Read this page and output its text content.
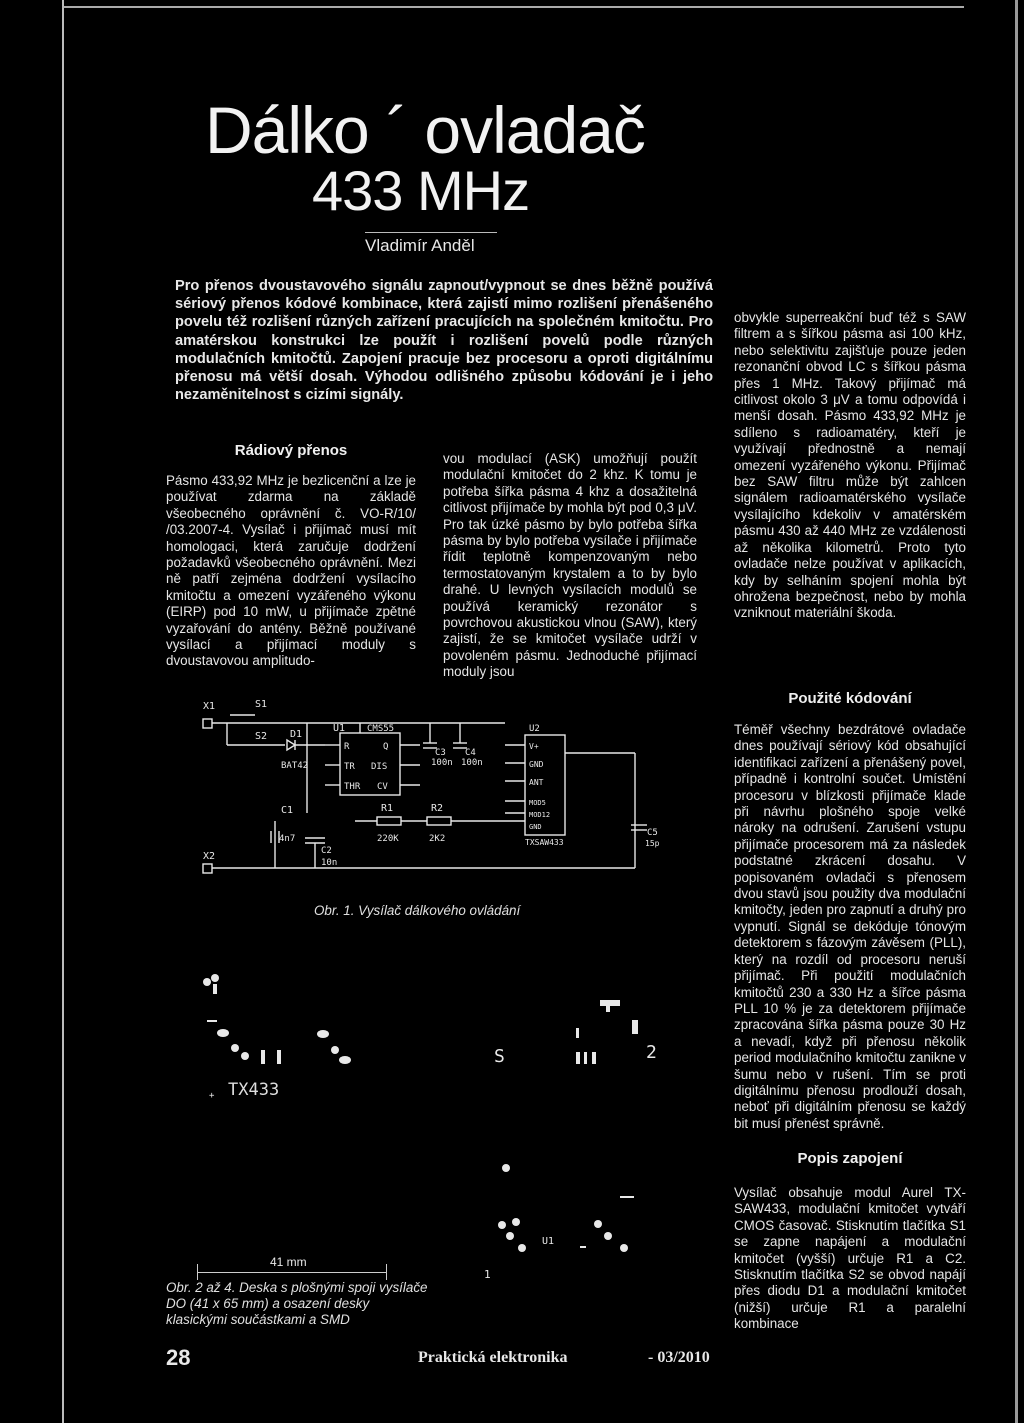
Dálko ´ ovladač
433 MHz
Vladimír Anděl
Pro přenos dvoustavového signálu zapnout/vypnout se dnes běžně používá sériový přenos kódové kombinace, která zajistí mimo rozlišení přenášeného povelu též rozlišení různých zařízení pracujících na společném kmitočtu. Pro amatérskou konstrukci lze použít i rozlišení povelů podle různých modulačních kmitočtů. Zapojení pracuje bez procesoru a oproti digitálnímu přenosu má větší dosah. Výhodou odlišného způsobu kódování je i jeho nezaměnitelnost s cizími signály.
Rádiový přenos
Pásmo 433,92 MHz je bezlicenční a lze je používat zdarma na základě všeobecného oprávnění č. VO-R/10/ /03.2007-4. Vysílač i přijímač musí mít homologaci, která zaručuje dodržení požadavků všeobecného oprávnění. Mezi ně patří zejména dodržení vysílacího kmitočtu a omezení vyzářeného výkonu (EIRP) pod 10 mW, u přijímače zpětné vyzařování do antény. Běžně používané vysílací a přijímací moduly s dvoustavovou amplitudo-
vou modulací (ASK) umožňují použít modulační kmitočet do 2 khz. K tomu je potřeba šířka pásma 4 khz a dosažitelná citlivost přijímače by mohla být pod 0,3 μV. Pro tak úzké pásmo by bylo potřeba šířka pásma by bylo potřeba vysílače i přijímače řídit teplotně kompenzovaným nebo termostatovaným krystalem a to by bylo drahé. U levných vysílacích modulů se používá keramický rezonátor s povrchovou akustickou vlnou (SAW), který zajistí, že se kmitočet vysílače udrží v povoleném pásmu. Jednoduché přijímací moduly jsou
obvykle superreakční buď též s SAW filtrem a s šířkou pásma asi 100 kHz, nebo selektivitu zajišťuje pouze jeden rezonanční obvod LC s šířkou pásma přes 1 MHz. Takový přijímač má citlivost okolo 3 μV a tomu odpovídá i menší dosah. Pásmo 433,92 MHz je sdíleno s radioamatéry, kteří je využívají přednostně a nemají omezení vyzářeného výkonu. Přijímač bez SAW filtru může být zahlcen signálem radioamatérského vysílače vysílajícího kdekoliv v amatérském pásmu 430 až 440 MHz ze vzdálenosti až několika kilometrů. Proto tyto ovladače nelze používat v aplikacích, kdy by selháním spojení mohla být ohrožena bezpečnost, nebo by mohla vzniknout materiální škoda.
Použité kódování
Téměř všechny bezdrátové ovladače dnes používají sériový kód obsahující identifikaci zařízení a přenášený povel, případně i kontrolní součet. Umístění procesoru v blízkosti přijímače klade při návrhu plošného spoje velké nároky na odrušení. Zarušení vstupu přijímače procesorem má za následek podstatné zkrácení dosahu. V popisovaném ovladači s přenosem dvou stavů jsou použity dva modulační kmitočty, jeden pro zapnutí a druhý pro vypnutí. Signál se dekóduje tónovým detektorem s fázovým závěsem (PLL), který na rozdíl od procesoru neruší přijímač. Při použití modulačních kmitočtů 230 a 330 Hz a šířce pásma PLL 10 % je za detektorem přijímače zpracována šířka pásma pouze 30 Hz a nevadí, když při přenosu několik period modulačního kmitočtu zanikne v šumu nebo v rušení. Tím se proti digitálnímu přenosu prodlouží dosah, neboť při digitálním přenosu se každý bit musí přenést správně.
Popis zapojení
Vysílač obsahuje modul Aurel TX-SAW433, modulační kmitočet vytváří CMOS časovač. Stisknutím tlačítka S1 se zapne napájení a modulační kmitočet (vyšší) určuje R1 a C2. Stisknutím tlačítka S2 se obvod napájí přes diodu D1 a modulační kmitočet (nižší) určuje R1 a paralelní kombinace
X1	S1
S2 D1
BAT42
U1 CMS55
R
TR
THR
Q
DIS
CV
C1
4n7
C2
10n
C3
100n
C4
100n
R1
220K
R2
2K2
U2
V+
GND
ANT
MOD5
MOD12
GND
TXSAW433
C5
15p
X2
Obr. 1. Vysílač dálkového ovládání
+ TX433
41 mm
Obr. 2 až 4. Deska s plošnými spoji vysílače DO (41 x 65 mm) a osazení desky klasickými součástkami a SMD
S
U1
2
1
28	Praktická elektronika	- 03/2010
